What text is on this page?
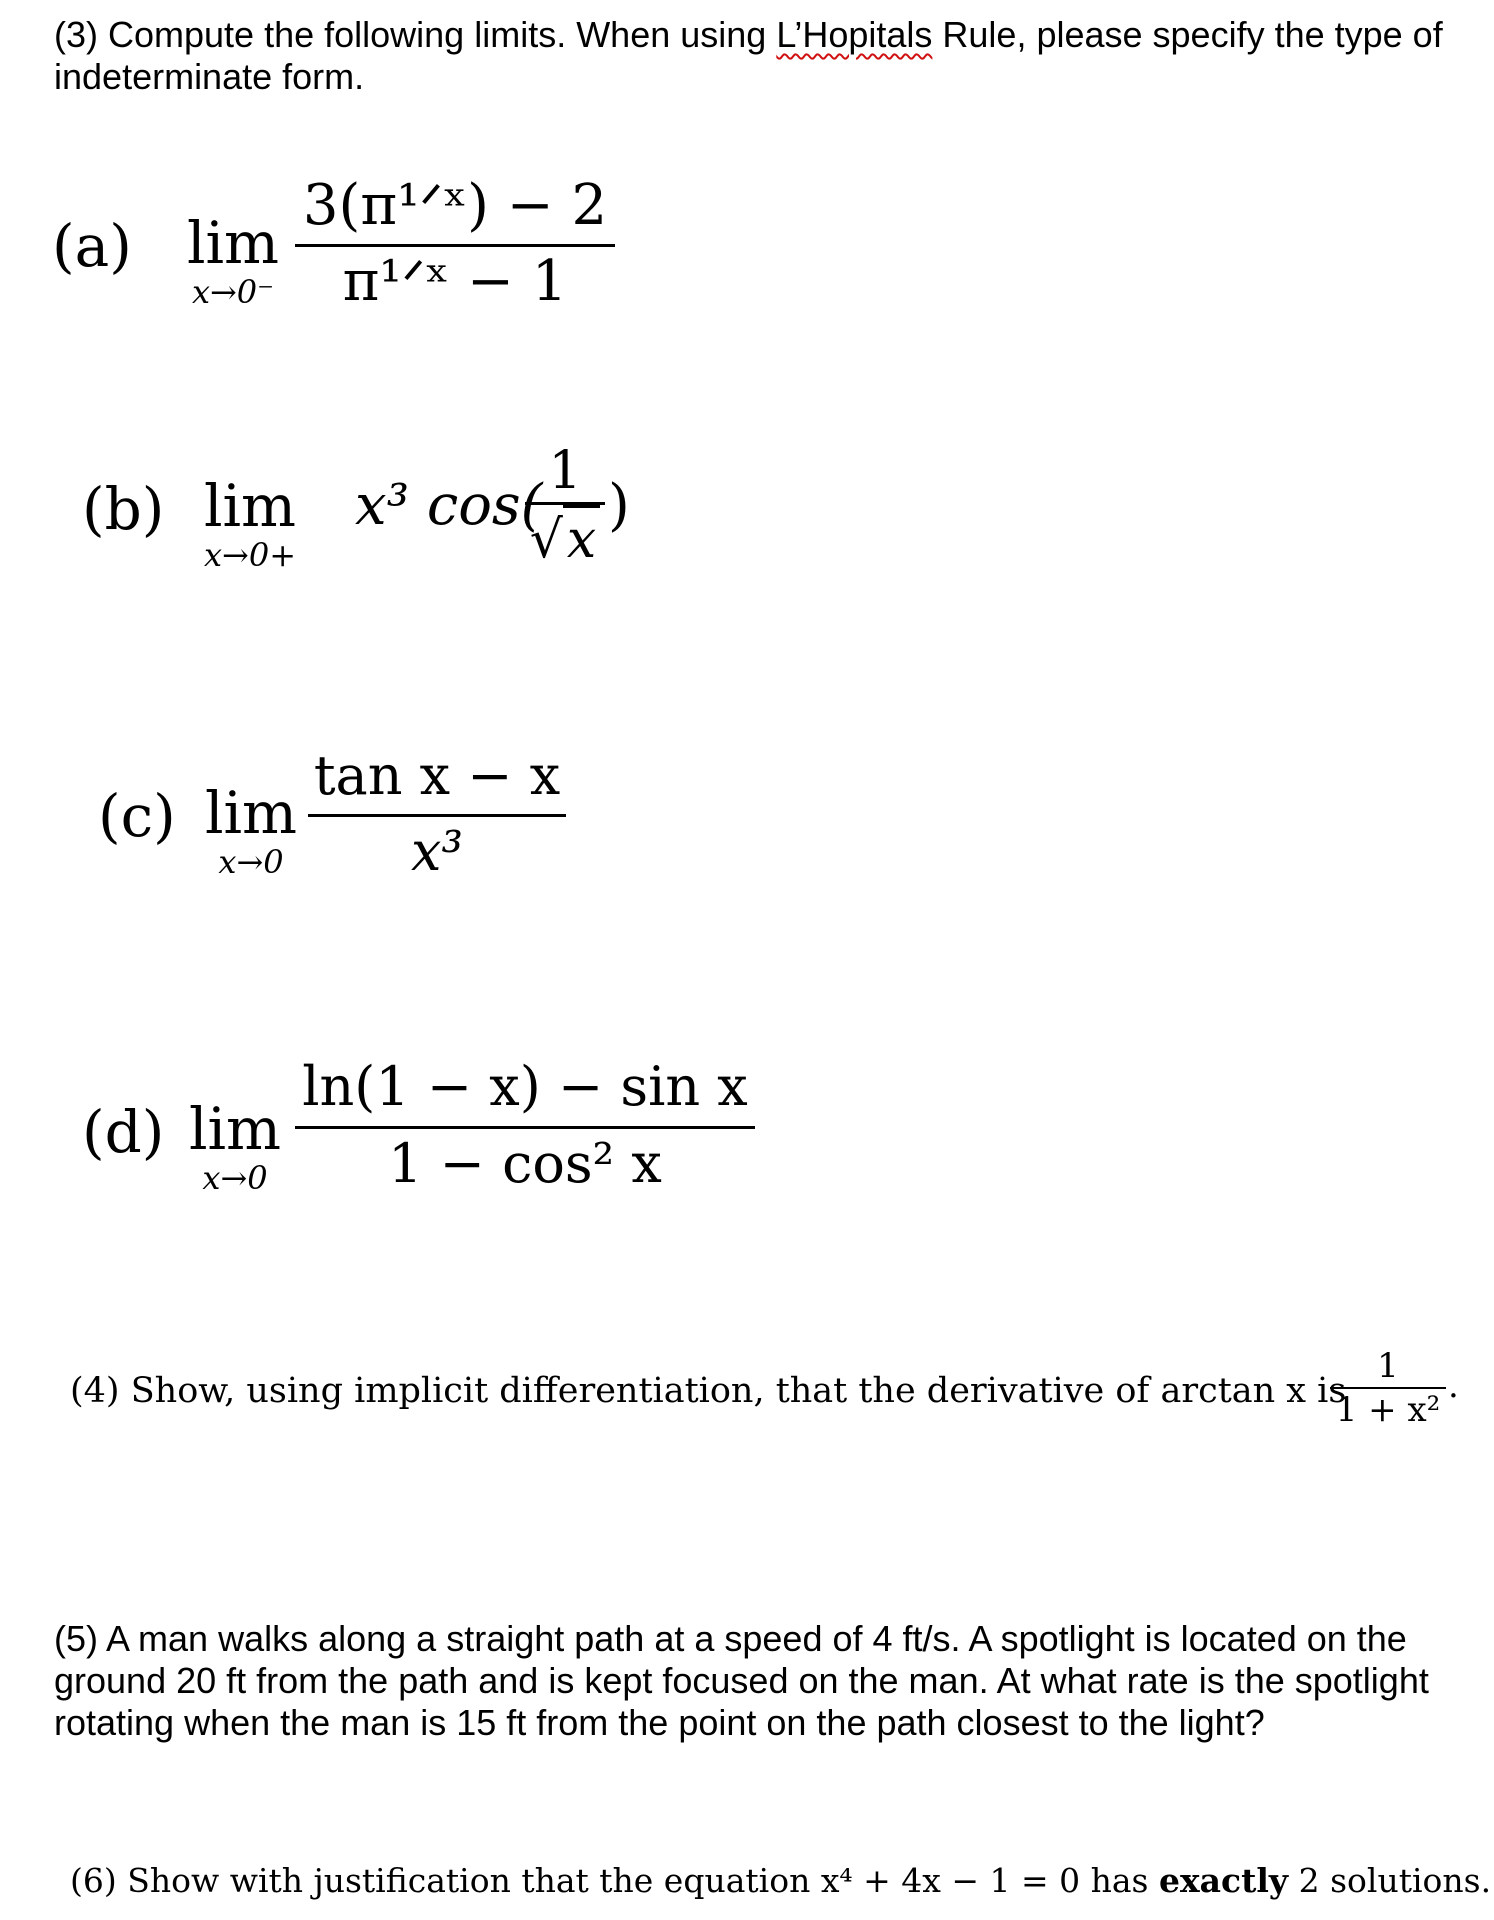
(3) Compute the following limits. When using L’Hopitals Rule, please specify the type of
indeterminate form.
(a) lim
x→0⁻
3(π¹ᐟˣ) − 2
π¹ᐟˣ − 1
(b) lim
x→0+
x³ cos(
1
√x
)
(c) lim
x→0
tan x − x
x³
(d) lim
x→0
ln(1 − x) − sin x
1 − cos² x
(4) Show, using implicit differentiation, that the derivative of arctan x is
1
1 + x²
.
(5) A man walks along a straight path at a speed of 4 ft/s. A spotlight is located on the
ground 20 ft from the path and is kept focused on the man. At what rate is the spotlight
rotating when the man is 15 ft from the point on the path closest to the light?
(6) Show with justification that the equation x⁴ + 4x − 1 = 0 has exactly 2 solutions.
